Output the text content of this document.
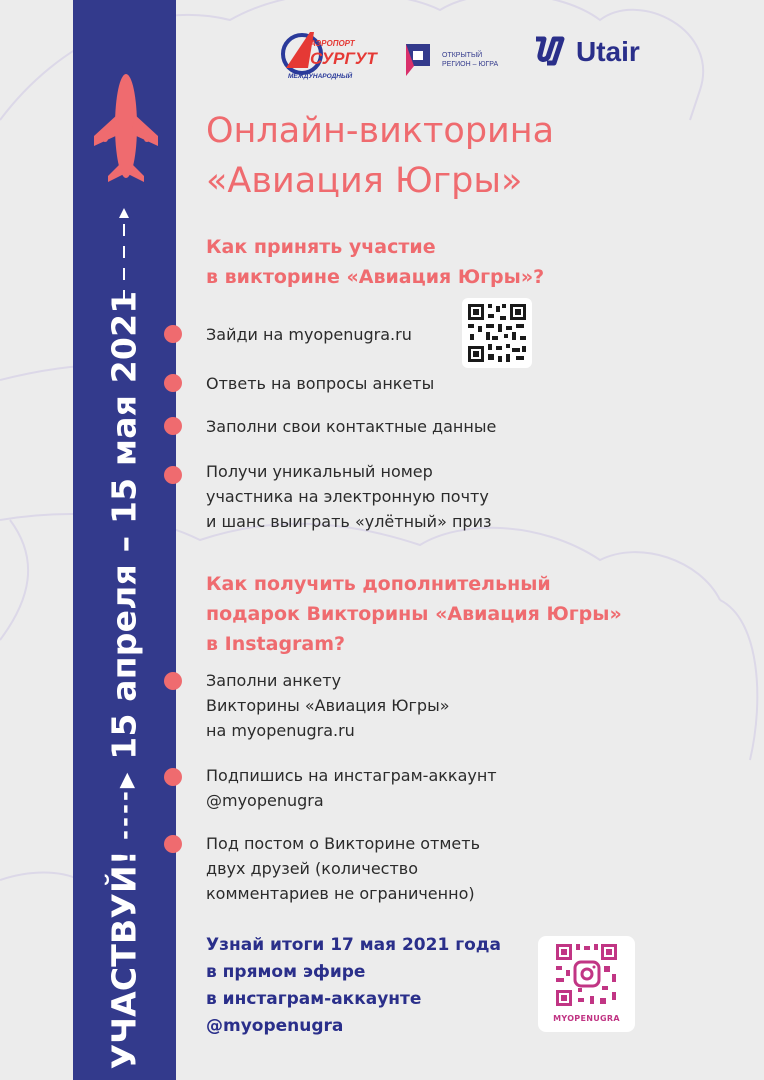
УЧАСТВУЙ!
----▶
15 апреля – 15 мая 2021
АЭРОПОРТ
СУРГУТ
МЕЖДУНАРОДНЫЙ
ОТКРЫТЫЙ
РЕГИОН – ЮГРА	Utair
Онлайн-викторина
«Авиация Югры»
Как принять участие
в викторине «Авиация Югры»?
Зайди на myopenugra.ru
Ответь на вопросы анкеты
Заполни свои контактные данные
Получи уникальный номер
участника на электронную почту
и шанс выиграть «улётный» приз
Как получить дополнительный
подарок Викторины «Авиация Югры»
в Instagram?
Заполни анкету
Викторины «Авиация Югры»
на myopenugra.ru
Подпишись на инстаграм-аккаунт
@myopenugra
Под постом о Викторине отметь
двух друзей (количество
комментариев не ограниченно)
Узнай итоги 17 мая 2021 года
в прямом эфире
в инстаграм-аккаунте
@myopenugra	MYOPENUGRA
